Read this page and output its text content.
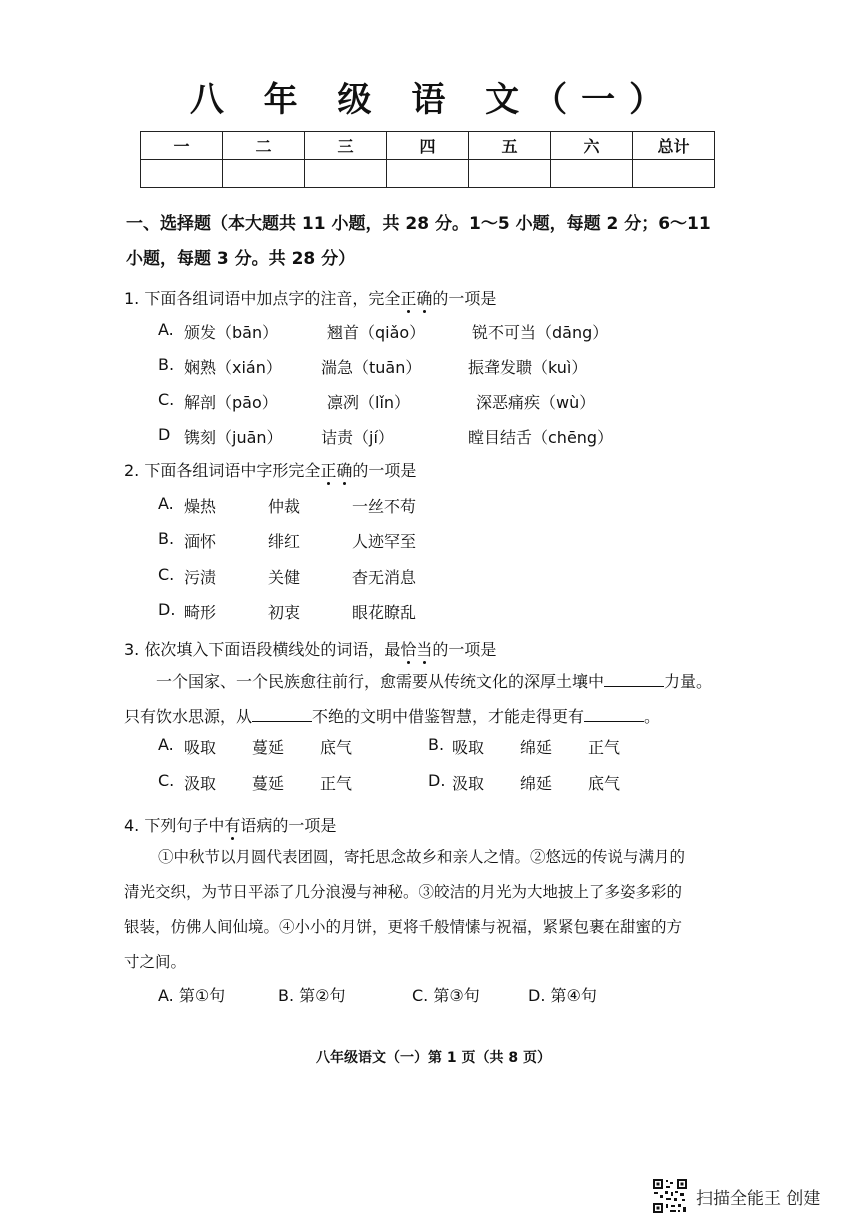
八 年 级 语 文（一）
一	二	三	四	五	六	总计

一、选择题（本大题共 11 小题，共 28 分。1～5 小题，每题 2 分；6～11
小题，每题 3 分。共 28 分）
1. 下面各组词语中加点字的注音，完全正确的一项是
A. 颁发（bān）	翘首（qiǎo）	锐不可当（dāng）
B. 娴熟（xián） 湍急（tuān）	振聋发聩（kuì）
C. 解剖（pāo）	凛冽（lǐn）	深恶痛疾（wù）
D 镌刻（juān） 诘责（jí）	瞠目结舌（chēng）
2. 下面各组词语中字形完全正确的一项是
A. 燥热	仲裁	一丝不苟
B. 湎怀	绯红	人迹罕至
C. 污渍	关健	杳无消息
D. 畸形	初衷	眼花瞭乱
3. 依次填入下面语段横线处的词语，最恰当的一项是
一个国家、一个民族愈往前行，愈需要从传统文化的深厚土壤中	力量。
只有饮水思源，从	不绝的文明中借鉴智慧，才能走得更有	。
A. 吸取 蔓延 底气	B. 吸取 绵延 正气
C. 汲取 蔓延 正气	D. 汲取 绵延 底气
4. 下列句子中有语病的一项是
①中秋节以月圆代表团圆，寄托思念故乡和亲人之情。②悠远的传说与满月的
清光交织，为节日平添了几分浪漫与神秘。③皎洁的月光为大地披上了多姿多彩的
银装，仿佛人间仙境。④小小的月饼，更将千般情愫与祝福，紧紧包裹在甜蜜的方
寸之间。
A. 第①句	B. 第②句	C. 第③句	D. 第④句
八年级语文（一）第 1 页（共 8 页）
扫描全能王 创建
